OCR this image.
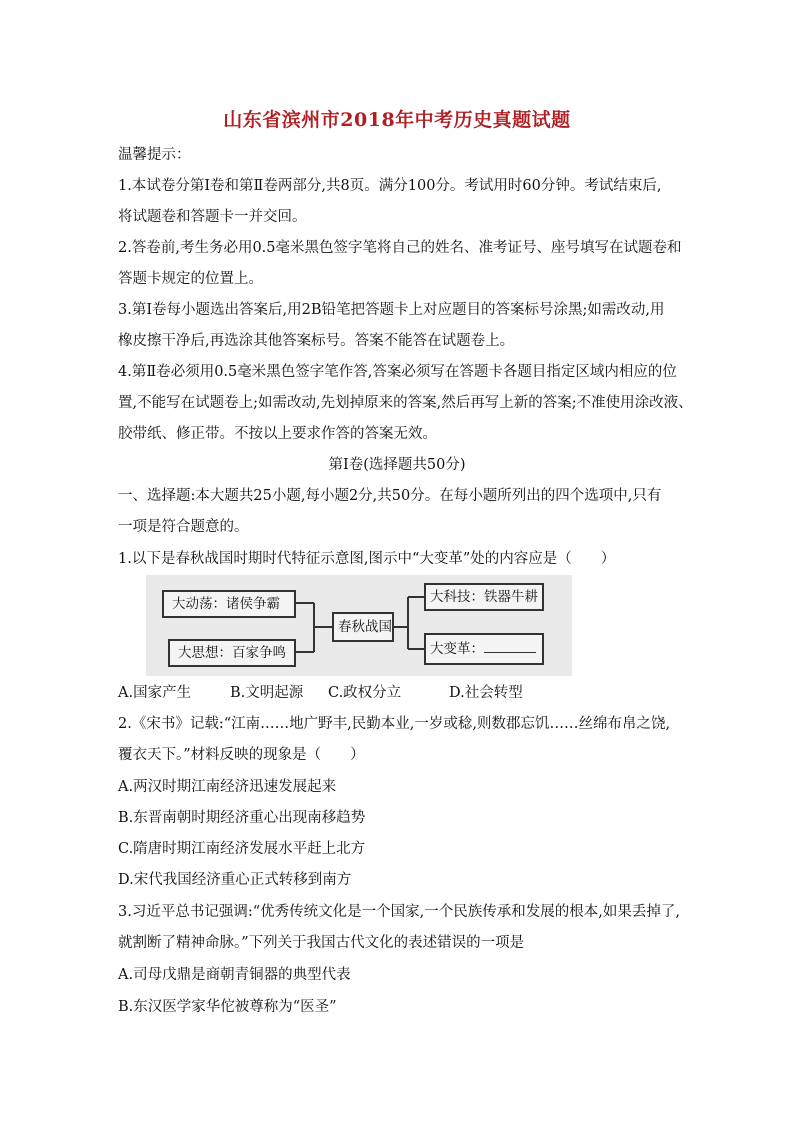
山东省滨州市2018年中考历史真题试题
温馨提示：
1.本试卷分第Ⅰ卷和第Ⅱ卷两部分,共8页。满分100分。考试用时60分钟。考试结束后,
将试题卷和答题卡一并交回。
2.答卷前,考生务必用0.5毫米黑色签字笔将自己的姓名、准考证号、座号填写在试题卷和
答题卡规定的位置上。
3.第Ⅰ卷每小题选出答案后,用2B铅笔把答题卡上对应题目的答案标号涂黑;如需改动,用
橡皮擦干净后,再选涂其他答案标号。答案不能答在试题卷上。
4.第Ⅱ卷必须用0.5毫米黑色签字笔作答,答案必须写在答题卡各题目指定区域内相应的位
置,不能写在试题卷上;如需改动,先划掉原来的答案,然后再写上新的答案;不准使用涂改液、
胶带纸、修正带。不按以上要求作答的答案无效。
第Ⅰ卷(选择题共50分)
一、选择题:本大题共25小题,每小题2分,共50分。在每小题所列出的四个选项中,只有
一项是符合题意的。
1.以下是春秋战国时期时代特征示意图,图示中“大变革”处的内容应是（　　）
大动荡：诸侯争霸
大思想：百家争鸣
春秋战国
大科技：铁器牛耕
大变革：
A.国家产生	B.文明起源 C.政权分立	D.社会转型
2.《宋书》记载:“江南……地广野丰,民勤本业,一岁或稔,则数郡忘饥……丝绵布帛之饶,
覆衣天下。”材料反映的现象是（　　）
A.两汉时期江南经济迅速发展起来
B.东晋南朝时期经济重心出现南移趋势
C.隋唐时期江南经济发展水平赶上北方
D.宋代我国经济重心正式转移到南方
3.习近平总书记强调:“优秀传统文化是一个国家,一个民族传承和发展的根本,如果丢掉了,
就割断了精神命脉。”下列关于我国古代文化的表述错误的一项是
A.司母戊鼎是商朝青铜器的典型代表
B.东汉医学家华佗被尊称为“医圣”
